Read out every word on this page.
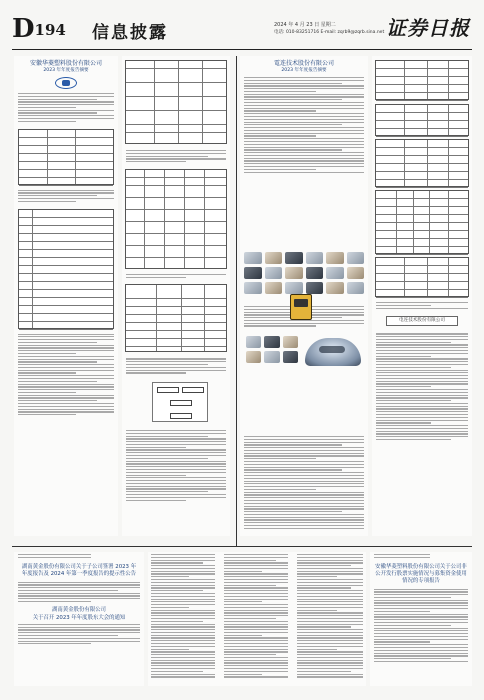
D194 信息披露	2024 年 4 月 23 日 星期二
电话: 010-83251716 E-mail: zqrb9@zqrb.sina.net 证券日报
安徽华菱塑料股份有限公司
2023 年年度报告摘要
電连技术股份有限公司
2023 年年度报告摘要
电连技术股份有限公司
湖南黄金股份有限公司关于子公司签署 2023 年年度报告及 2024 年第一季度报告的提示性公告
湖南黄金股份有限公司
关于召开 2023 年年度股东大会的通知
安徽华菱塑料股份有限公司关于公司非公开发行股票实施情况与募集资金使用情况的专项报告
